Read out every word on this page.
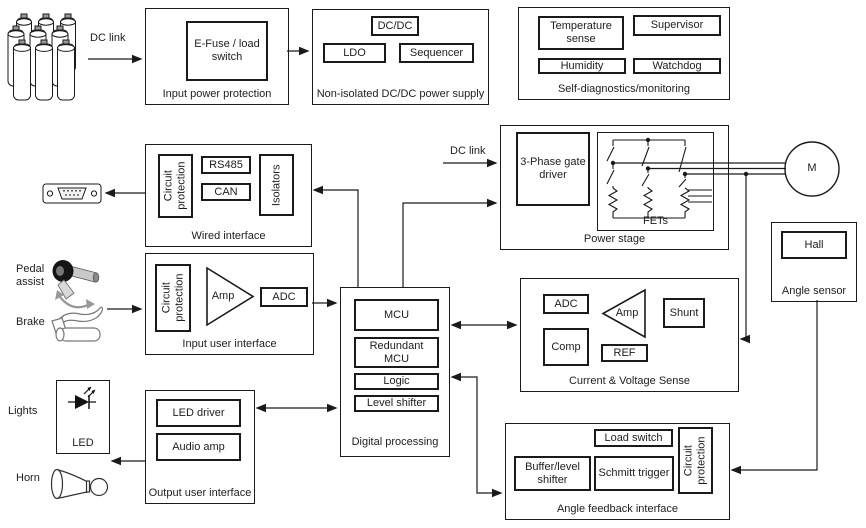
DC link
E-Fuse / load switch
Input power protection
DC/DC
LDO	Sequencer
Non-isolated DC/DC power supply
Temperature sense
Supervisor
Humidity	Watchdog
Self-diagnostics/monitoring
Circuit protection RS485
CAN	Isolators
Wired interface
Pedal assist
Brake
Circuit protection	ADC
Input user interface
Amp
MCU
Redundant MCU
Logic
Level shifter
Digital processing
Lights
Horn
LED
LED driver
Audio amp
Output user interface
DC link
3-Phase gate driver
FETs
Power stage
M
ADC
Shunt
Comp
REF
Current & Voltage Sense
Amp
Hall
Angle sensor
Load switch
Buffer/level shifter
Schmitt trigger Circuit protection
Angle feedback interface
